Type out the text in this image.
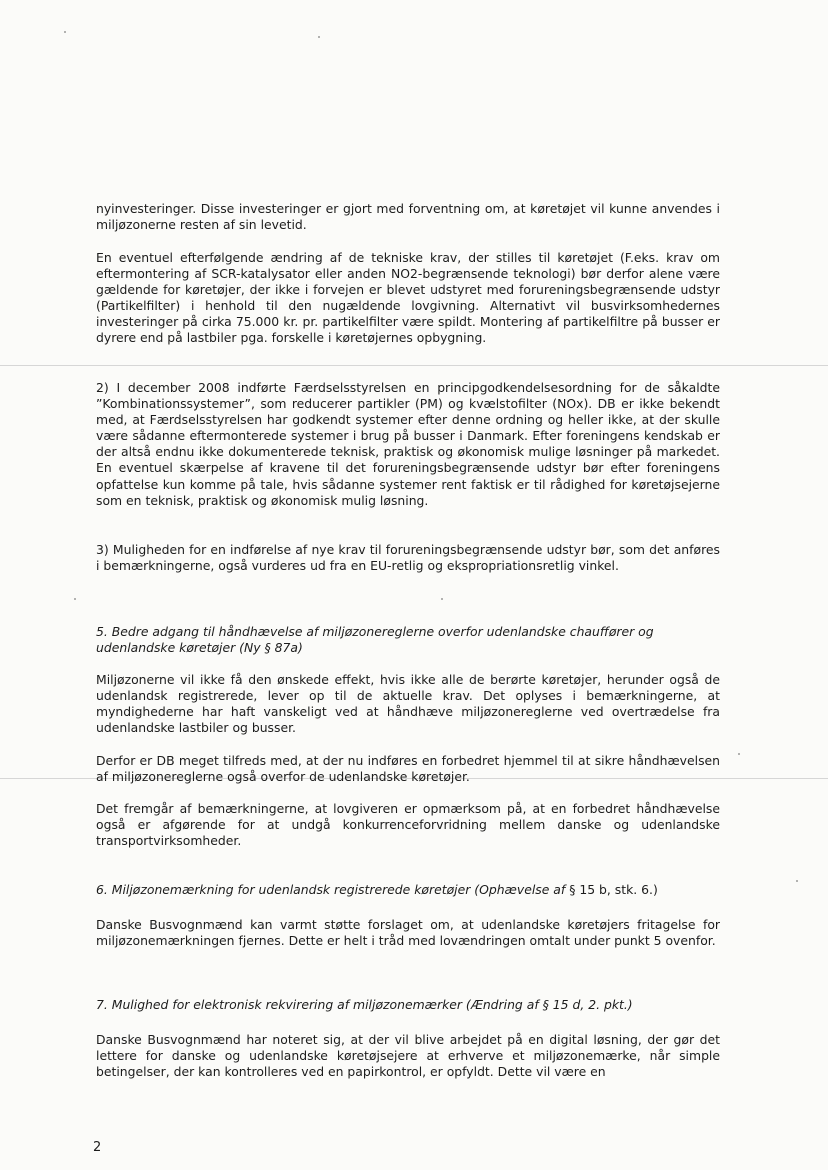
nyinvesteringer. Disse investeringer er gjort med forventning om, at køretøjet vil kunne anvendes i miljøzonerne resten af sin levetid.

En eventuel efterfølgende ændring af de tekniske krav, der stilles til køretøjet (F.eks. krav om eftermontering af SCR-katalysator eller anden NO2-begrænsende teknologi) bør derfor alene være gældende for køretøjer, der ikke i forvejen er blevet udstyret med forureningsbegrænsende udstyr (Partikelfilter) i henhold til den nugældende lovgivning. Alternativt vil busvirksomhedernes investeringer på cirka 75.000 kr. pr. partikelfilter være spildt. Montering af partikelfiltre på busser er dyrere end på lastbiler pga. forskelle i køretøjernes opbygning.

2) I december 2008 indførte Færdselsstyrelsen en principgodkendelsesordning for de såkaldte ”Kombinationssystemer”, som reducerer partikler (PM) og kvælstofilter (NOx). DB er ikke bekendt med, at Færdselsstyrelsen har godkendt systemer efter denne ordning og heller ikke, at der skulle være sådanne eftermonterede systemer i brug på busser i Danmark. Efter foreningens kendskab er der altså endnu ikke dokumenterede teknisk, praktisk og økonomisk mulige løsninger på markedet. En eventuel skærpelse af kravene til det forureningsbegrænsende udstyr bør efter foreningens opfattelse kun komme på tale, hvis sådanne systemer rent faktisk er til rådighed for køretøjsejerne som en teknisk, praktisk og økonomisk mulig løsning.

3) Muligheden for en indførelse af nye krav til forureningsbegrænsende udstyr bør, som det anføres i bemærkningerne, også vurderes ud fra en EU-retlig og ekspropriationsretlig vinkel.

5. Bedre adgang til håndhævelse af miljøzonereglerne overfor udenlandske chauffører og udenlandske køretøjer (Ny § 87a)

Miljøzonerne vil ikke få den ønskede effekt, hvis ikke alle de berørte køretøjer, herunder også de udenlandsk registrerede, lever op til de aktuelle krav. Det oplyses i bemærkningerne, at myndighederne har haft vanskeligt ved at håndhæve miljøzonereglerne ved overtrædelse fra udenlandske lastbiler og busser.

Derfor er DB meget tilfreds med, at der nu indføres en forbedret hjemmel til at sikre håndhævelsen af miljøzonereglerne også overfor de udenlandske køretøjer.

Det fremgår af bemærkningerne, at lovgiveren er opmærksom på, at en forbedret håndhævelse også er afgørende for at undgå konkurrenceforvridning mellem danske og udenlandske transportvirksomheder.

6. Miljøzonemærkning for udenlandsk registrerede køretøjer (Ophævelse af § 15 b, stk. 6.)

Danske Busvognmænd kan varmt støtte forslaget om, at udenlandske køretøjers fritagelse for miljøzonemærkningen fjernes. Dette er helt i tråd med lovændringen omtalt under punkt 5 ovenfor.

7. Mulighed for elektronisk rekvirering af miljøzonemærker (Ændring af § 15 d, 2. pkt.)

Danske Busvognmænd har noteret sig, at der vil blive arbejdet på en digital løsning, der gør det lettere for danske og udenlandske køretøjsejere at erhverve et miljøzonemærke, når simple betingelser, der kan kontrolleres ved en papirkontrol, er opfyldt. Dette vil være en

2
